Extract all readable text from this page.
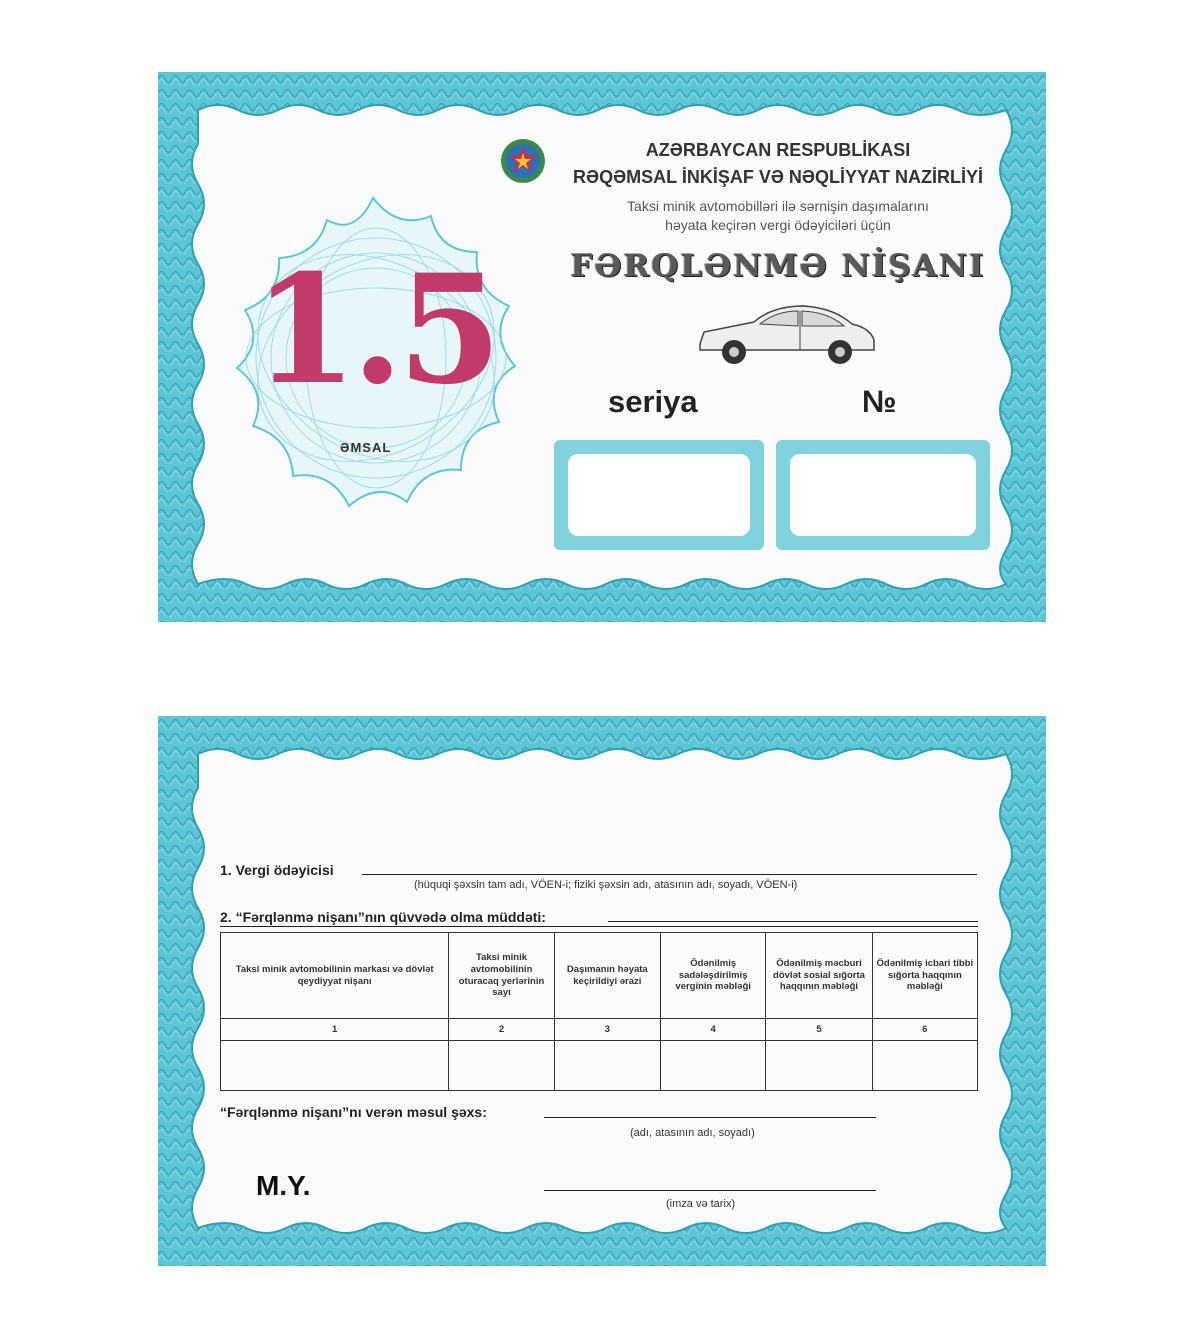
1.5
ƏMSAL
AZƏRBAYCAN RESPUBLİKASI
RƏQƏMSAL İNKİŞAF VƏ NƏQLİYYAT NAZİRLİYİ
Taksi minik avtomobilləri ilə sərnişin daşımalarını
həyata keçirən vergi ödəyiciləri üçün
FƏRQLƏNMƏ NİŞANI
seriya	№
1. Vergi ödəyicisi
(hüquqi şəxsin tam adı, VÖEN-i; fiziki şəxsin adı, atasının adı, soyadı, VÖEN-i)
2. “Fərqlənmə nişanı”nın qüvvədə olma müddəti:
Taksi minik avtomobilinin markası və dövlət qeydiyyat nişanı	Taksi minik avtomobilinin oturacaq yerlərinin sayı	Daşımanın həyata keçirildiyi ərazi	Ödənilmiş sadələşdirilmiş verginin məbləği	Ödənilmiş məcburi dövlət sosial sığorta haqqının məbləği	Ödənilmiş icbari tibbi sığorta haqqının məbləği
1	2	3	4	5	6

“Fərqlənmə nişanı”nı verən məsul şəxs:
(adı, atasının adı, soyadı)
M.Y.
(imza və tarix)
